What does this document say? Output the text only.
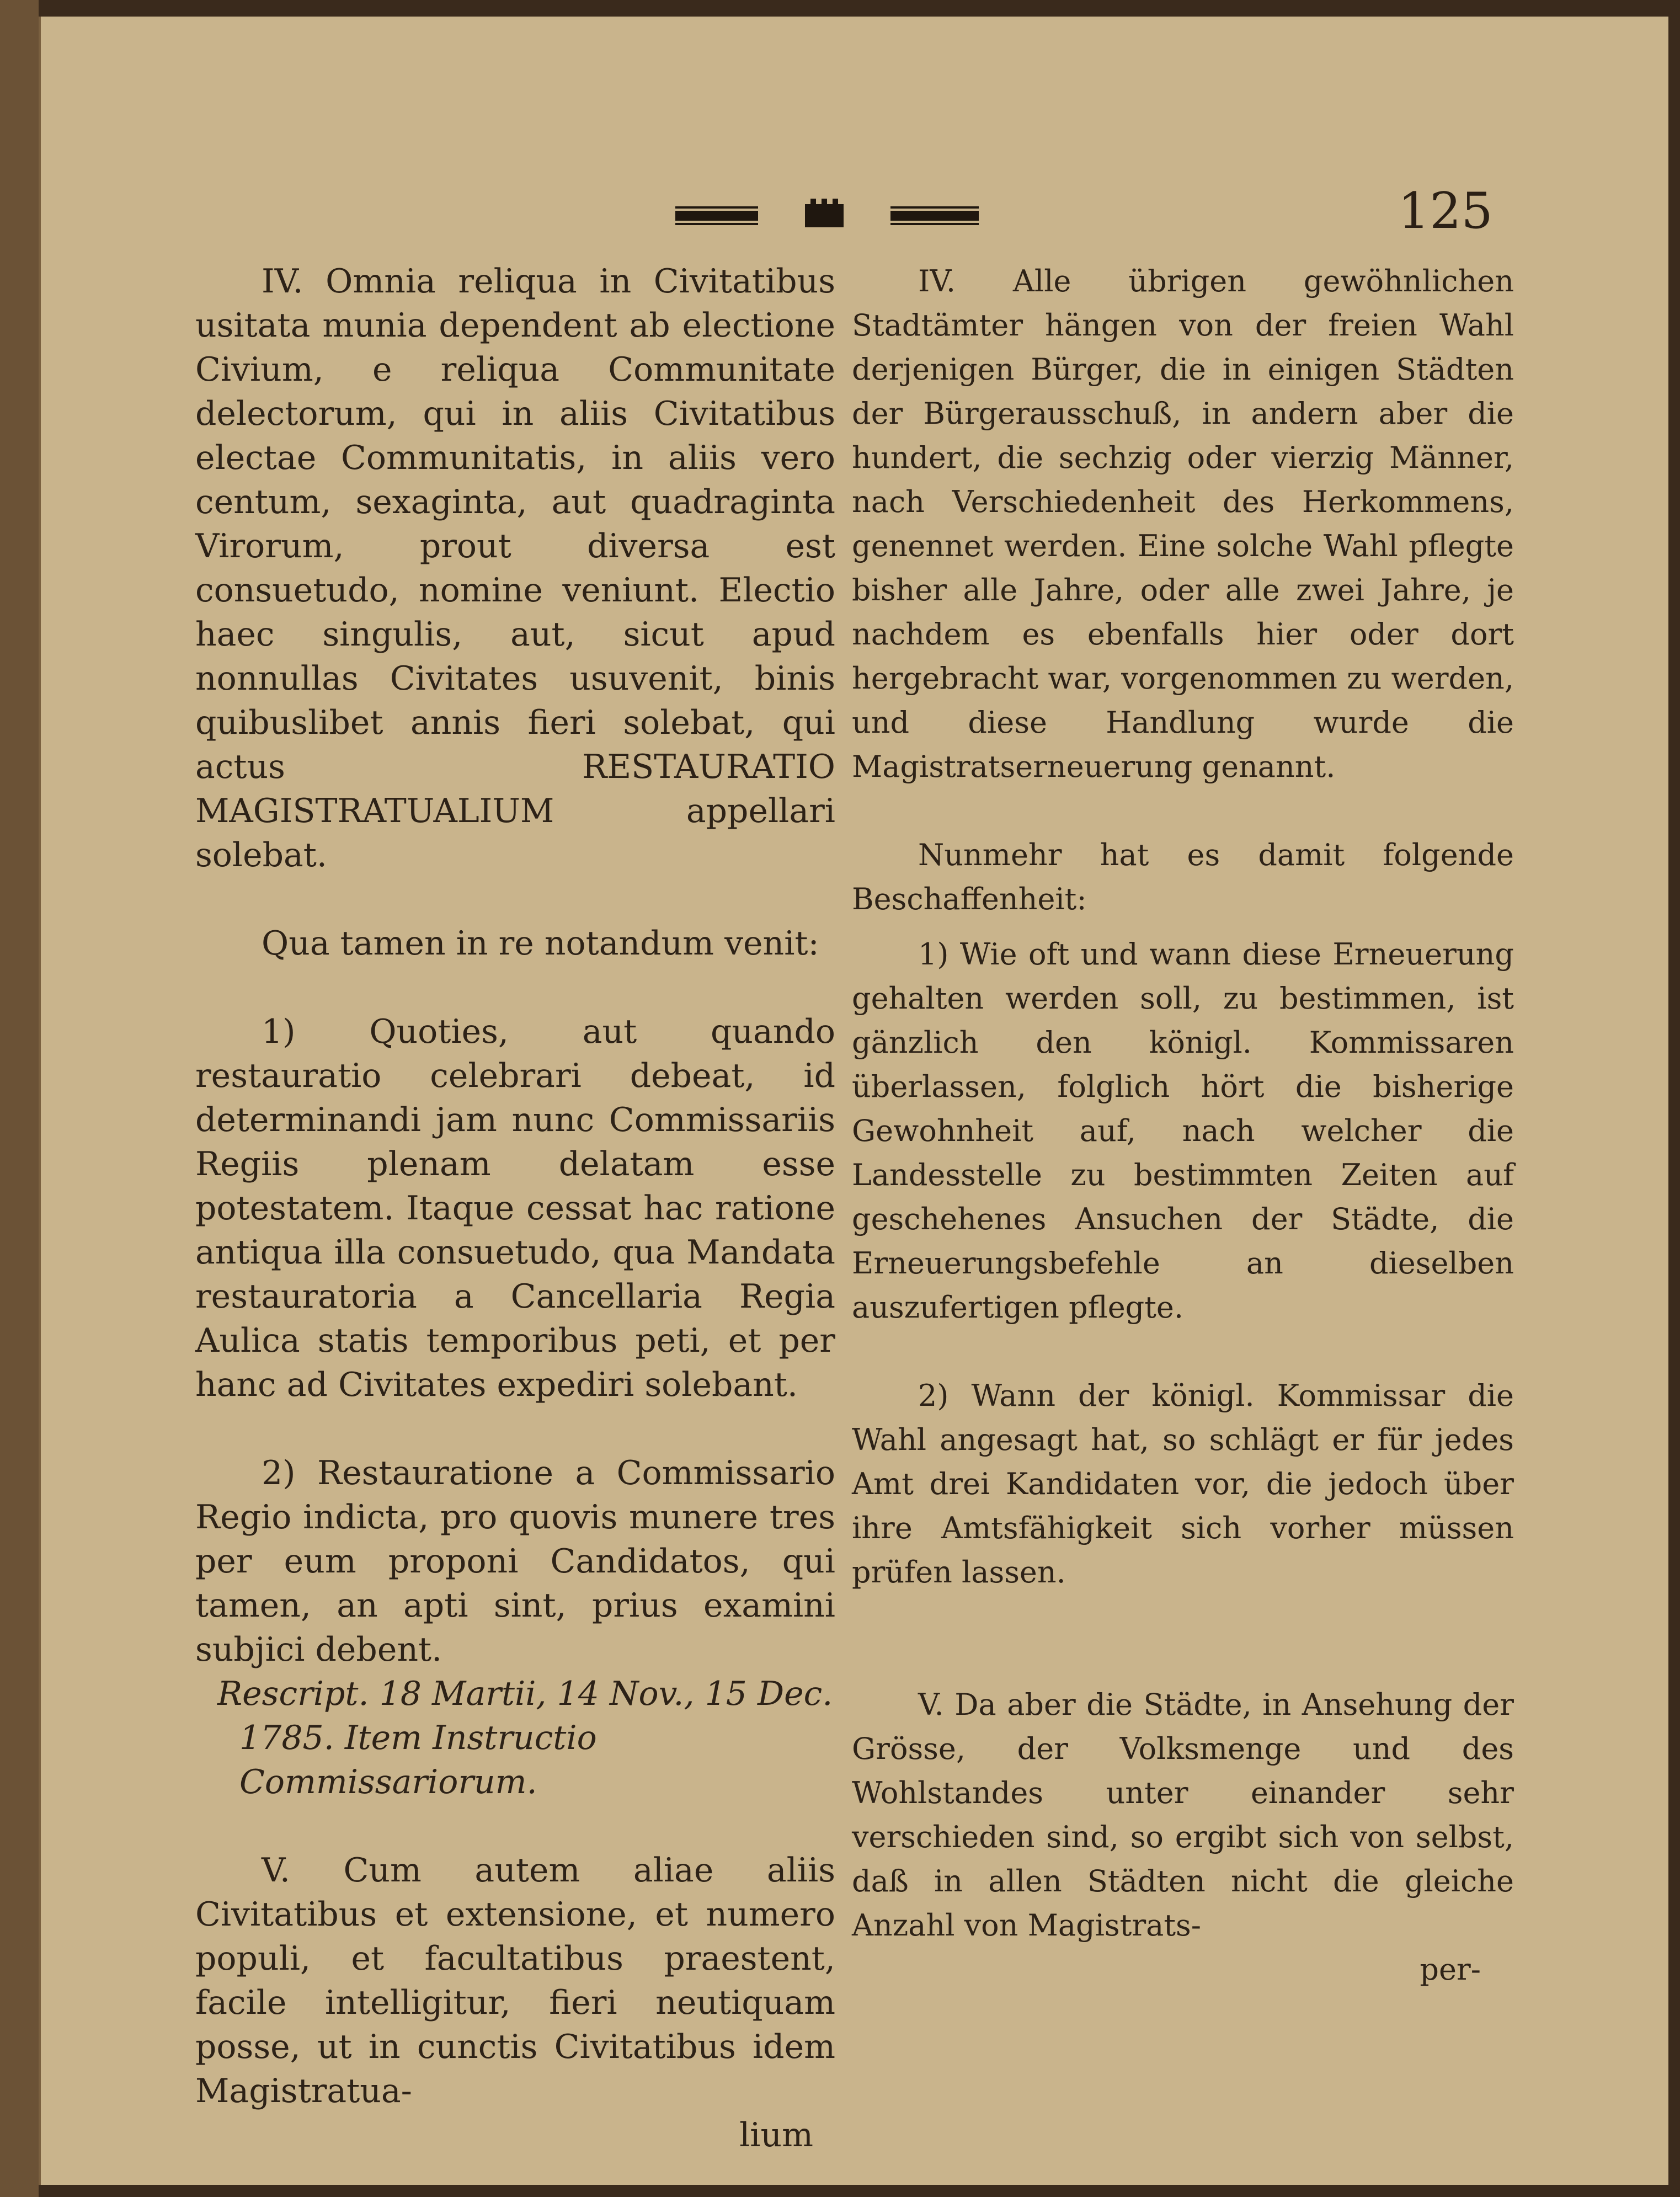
125

IV. Omnia reliqua in Civitatibus usitata munia dependent ab electione Civium, e reliqua Communitate delectorum, qui in aliis Civitatibus electae Communitatis, in aliis vero centum, sexaginta, aut quadraginta Virorum, prout diversa est consuetudo, nomine veniunt. Electio haec singulis, aut, sicut apud nonnullas Civitates usuvenit, binis quibuslibet annis fieri solebat, qui actus RESTAURATIO MAGISTRATUALIUM appellari solebat.

Qua tamen in re notandum venit:

1) Quoties, aut quando restauratio celebrari debeat, id determinandi jam nunc Commissariis Regiis plenam delatam esse potestatem. Itaque cessat hac ratione antiqua illa consuetudo, qua Mandata restauratoria a Cancellaria Regia Aulica statis temporibus peti, et per hanc ad Civitates expediri solebant.

2) Restauratione a Commissario Regio indicta, pro quovis munere tres per eum proponi Candidatos, qui tamen, an apti sint, prius examini subjici debent.

Rescript. 18 Martii, 14 Nov., 15 Dec. 1785. Item Instructio Commissariorum.

V. Cum autem aliae aliis Civitatibus et extensione, et numero populi, et facultatibus praestent, facile intelligitur, fieri neutiquam posse, ut in cunctis Civitatibus idem Magistratua-

lium

IV. Alle übrigen gewöhnlichen Stadtämter hängen von der freien Wahl derjenigen Bürger, die in einigen Städten der Bürgerausschuß, in andern aber die hundert, die sechzig oder vierzig Männer, nach Verschiedenheit des Herkommens, genennet werden. Eine solche Wahl pflegte bisher alle Jahre, oder alle zwei Jahre, je nachdem es ebenfalls hier oder dort hergebracht war, vorgenommen zu werden, und diese Handlung wurde die Magistratserneuerung genannt.

Nunmehr hat es damit folgende Beschaffenheit:

1) Wie oft und wann diese Erneuerung gehalten werden soll, zu bestimmen, ist gänzlich den königl. Kommissaren überlassen, folglich hört die bisherige Gewohnheit auf, nach welcher die Landesstelle zu bestimmten Zeiten auf geschehenes Ansuchen der Städte, die Erneuerungsbefehle an dieselben auszufertigen pflegte.

2) Wann der königl. Kommissar die Wahl angesagt hat, so schlägt er für jedes Amt drei Kandidaten vor, die jedoch über ihre Amtsfähigkeit sich vorher müssen prüfen lassen.

V. Da aber die Städte, in Ansehung der Grösse, der Volksmenge und des Wohlstandes unter einander sehr verschieden sind, so ergibt sich von selbst, daß in allen Städten nicht die gleiche Anzahl von Magistrats-

per-
